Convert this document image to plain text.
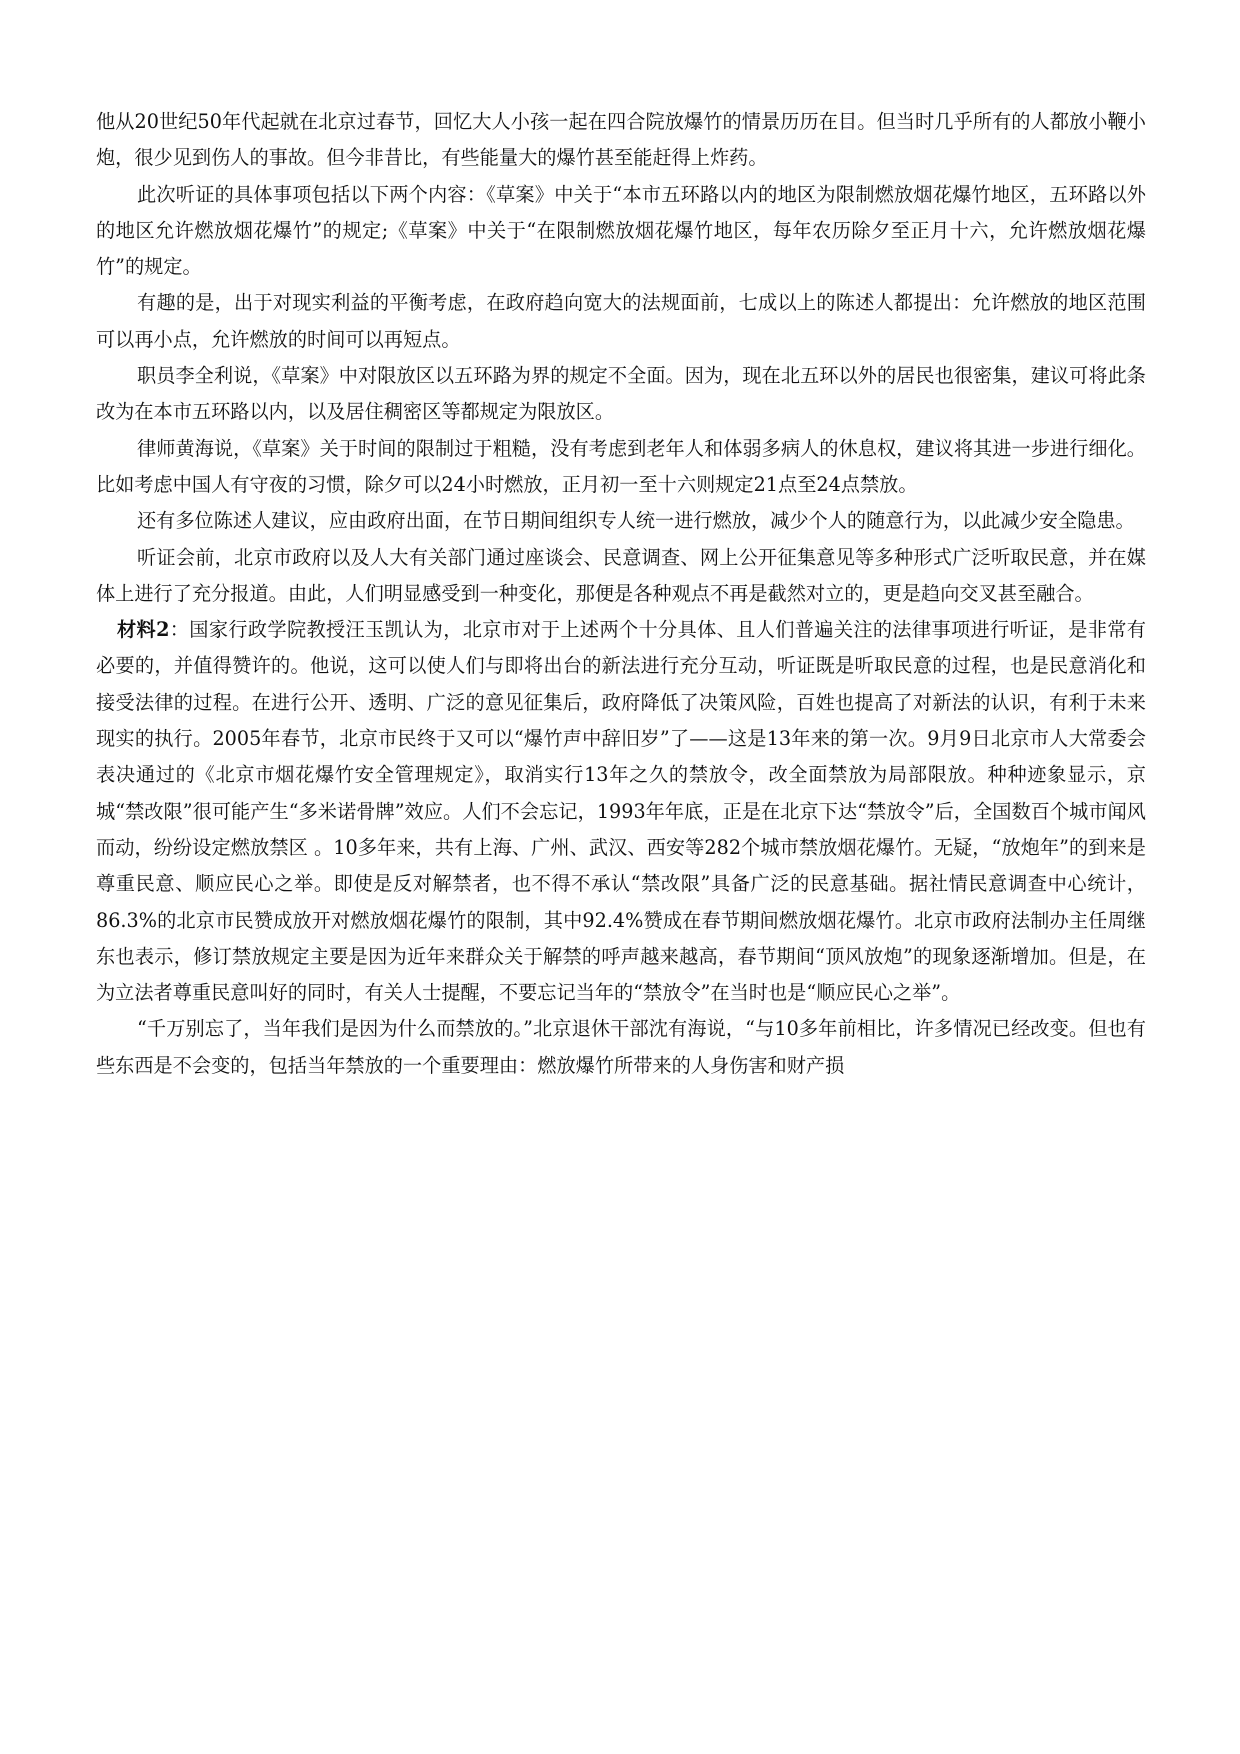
他从20世纪50年代起就在北京过春节，回忆大人小孩一起在四合院放爆竹的情景历历在目。但当时几乎所有的人都放小鞭小炮，很少见到伤人的事故。但今非昔比，有些能量大的爆竹甚至能赶得上炸药。

此次听证的具体事项包括以下两个内容：《草案》中关于“本市五环路以内的地区为限制燃放烟花爆竹地区，五环路以外的地区允许燃放烟花爆竹”的规定;《草案》中关于“在限制燃放烟花爆竹地区，每年农历除夕至正月十六，允许燃放烟花爆竹”的规定。

有趣的是，出于对现实利益的平衡考虑，在政府趋向宽大的法规面前，七成以上的陈述人都提出：允许燃放的地区范围可以再小点，允许燃放的时间可以再短点。

职员李全利说，《草案》中对限放区以五环路为界的规定不全面。因为，现在北五环以外的居民也很密集，建议可将此条改为在本市五环路以内，以及居住稠密区等都规定为限放区。

律师黄海说，《草案》关于时间的限制过于粗糙，没有考虑到老年人和体弱多病人的休息权，建议将其进一步进行细化。比如考虑中国人有守夜的习惯，除夕可以24小时燃放，正月初一至十六则规定21点至24点禁放。

还有多位陈述人建议，应由政府出面，在节日期间组织专人统一进行燃放，减少个人的随意行为，以此减少安全隐患。

听证会前，北京市政府以及人大有关部门通过座谈会、民意调查、网上公开征集意见等多种形式广泛听取民意，并在媒体上进行了充分报道。由此，人们明显感受到一种变化，那便是各种观点不再是截然对立的，更是趋向交叉甚至融合。

材料2：国家行政学院教授汪玉凯认为，北京市对于上述两个十分具体、且人们普遍关注的法律事项进行听证，是非常有必要的，并值得赞许的。他说，这可以使人们与即将出台的新法进行充分互动，听证既是听取民意的过程，也是民意消化和接受法律的过程。在进行公开、透明、广泛的意见征集后，政府降低了决策风险，百姓也提高了对新法的认识，有利于未来现实的执行。2005年春节，北京市民终于又可以“爆竹声中辞旧岁”了——这是13年来的第一次。9月9日北京市人大常委会表决通过的《北京市烟花爆竹安全管理规定》，取消实行13年之久的禁放令，改全面禁放为局部限放。种种迹象显示，京城“禁改限”很可能产生“多米诺骨牌”效应。人们不会忘记，1993年年底，正是在北京下达“禁放令”后，全国数百个城市闻风而动，纷纷设定燃放禁区 。10多年来，共有上海、广州、武汉、西安等282个城市禁放烟花爆竹。无疑，“放炮年”的到来是尊重民意、顺应民心之举。即使是反对解禁者，也不得不承认“禁改限”具备广泛的民意基础。据社情民意调查中心统计，86.3%的北京市民赞成放开对燃放烟花爆竹的限制，其中92.4%赞成在春节期间燃放烟花爆竹。北京市政府法制办主任周继东也表示，修订禁放规定主要是因为近年来群众关于解禁的呼声越来越高，春节期间“顶风放炮”的现象逐渐增加。但是，在为立法者尊重民意叫好的同时，有关人士提醒，不要忘记当年的“禁放令”在当时也是“顺应民心之举”。

“千万别忘了，当年我们是因为什么而禁放的。”北京退休干部沈有海说，“与10多年前相比，许多情况已经改变。但也有些东西是不会变的，包括当年禁放的一个重要理由：燃放爆竹所带来的人身伤害和财产损
